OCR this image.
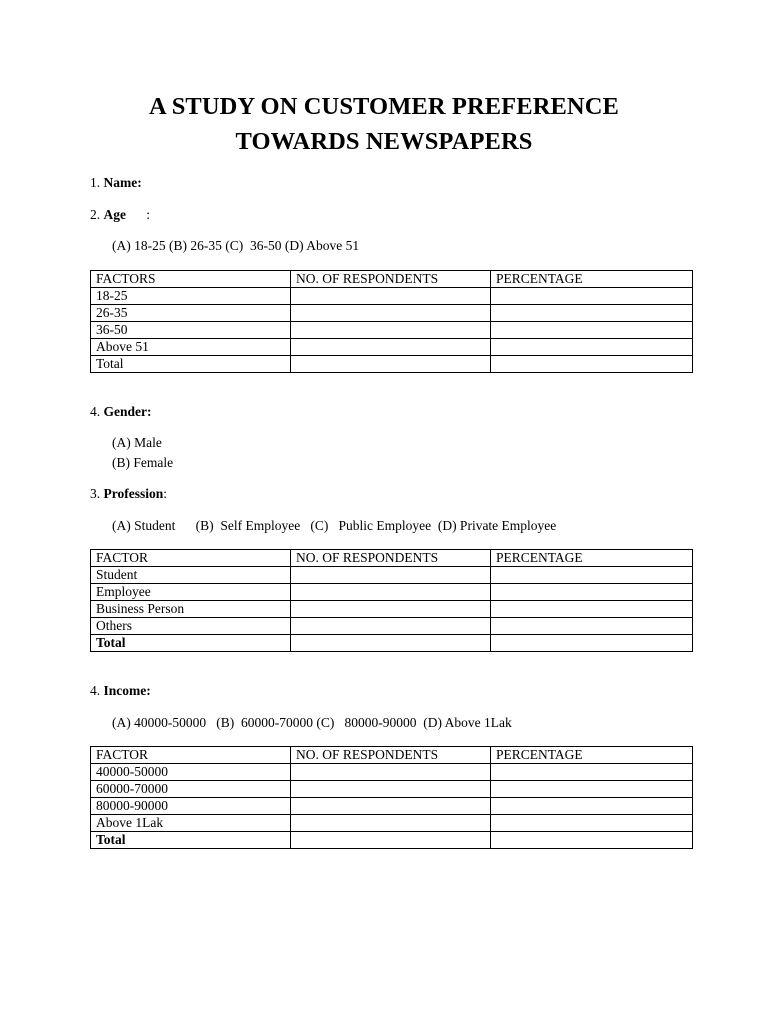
A STUDY ON CUSTOMER PREFERENCE
TOWARDS NEWSPAPERS
1. Name:
2. Age      :
(A) 18-25 (B) 26-35 (C)  36-50 (D) Above 51
FACTORS	NO. OF RESPONDENTS	PERCENTAGE
18-25		
26-35		
36-50		
Above 51		
Total		
4. Gender:
(A) Male
(B) Female
3. Profession:
(A) Student      (B)  Self Employee   (C)   Public Employee  (D) Private Employee
FACTOR	NO. OF RESPONDENTS	PERCENTAGE
Student		
Employee		
Business Person		
Others		
Total		
4. Income:
(A) 40000-50000   (B)  60000-70000 (C)   80000-90000  (D) Above 1Lak
FACTOR	NO. OF RESPONDENTS	PERCENTAGE
40000-50000		
60000-70000		
80000-90000		
Above 1Lak		
Total		
